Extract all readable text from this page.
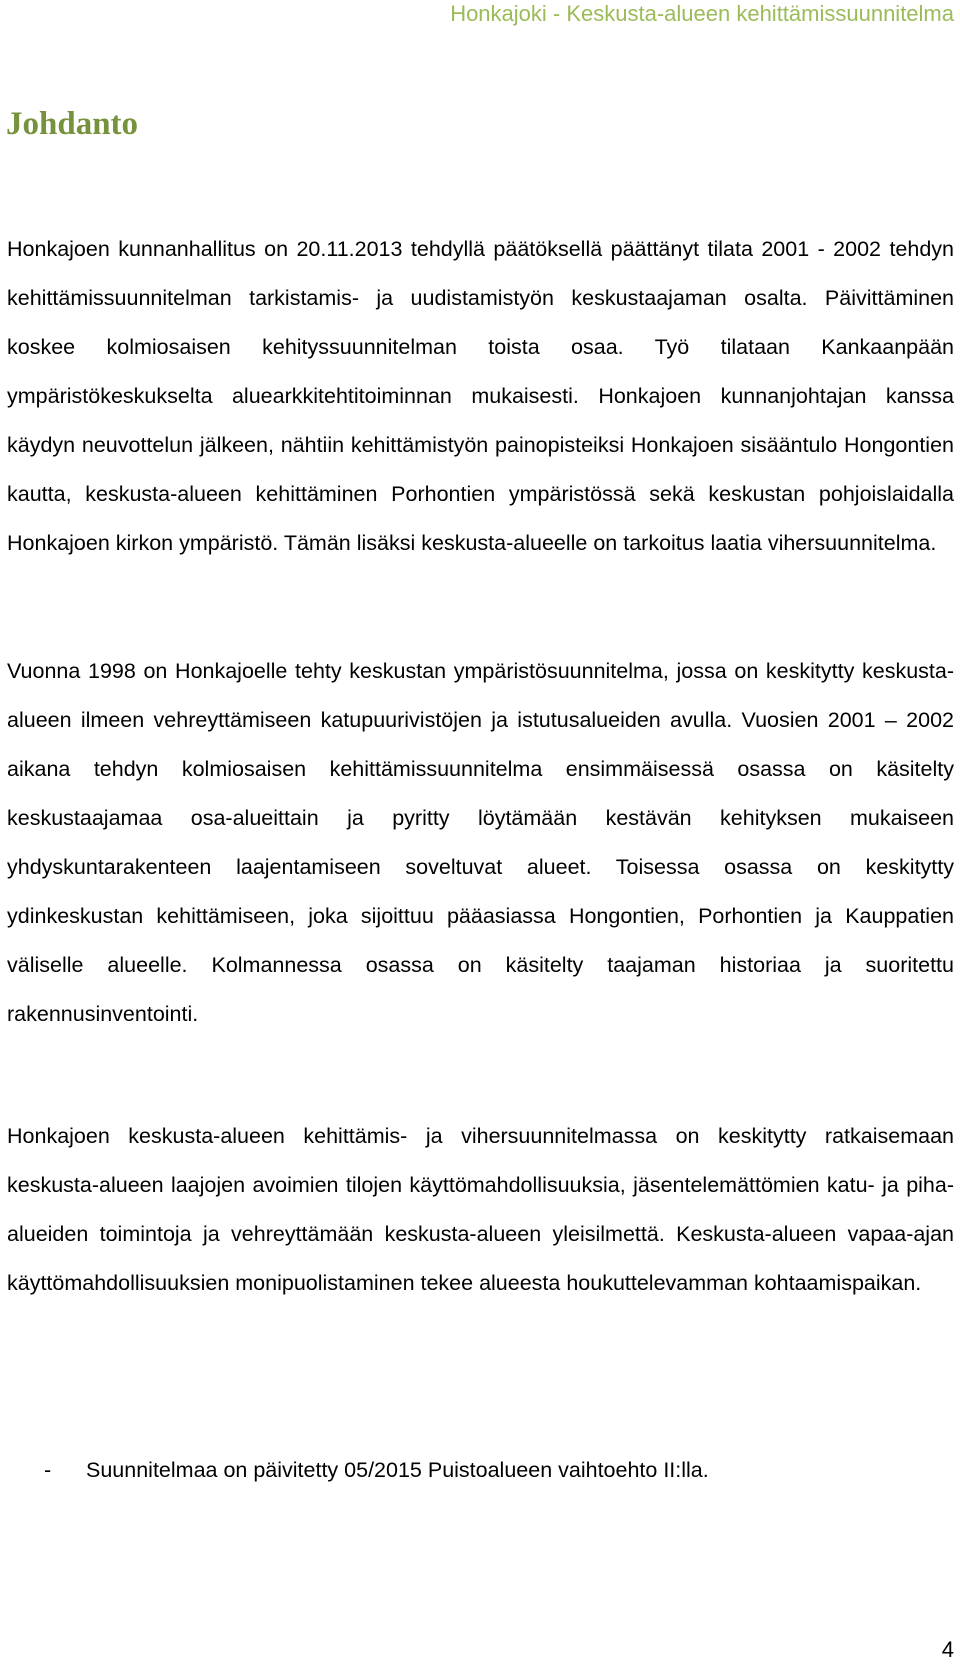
Honkajoki - Keskusta-alueen kehittämissuunnitelma
Johdanto

Honkajoen kunnanhallitus on 20.11.2013 tehdyllä päätöksellä päättänyt tilata 2001 - 2002 tehdyn kehittämissuunnitelman tarkistamis- ja uudistamistyön keskustaajaman osalta. Päivittäminen koskee kolmiosaisen kehityssuunnitelman toista osaa. Työ tilataan Kankaanpään ympäristökeskukselta aluearkkitehtitoiminnan mukaisesti. Honkajoen kunnanjohtajan kanssa käydyn neuvottelun jälkeen, nähtiin kehittämistyön painopisteiksi Honkajoen sisääntulo Hongontien kautta, keskusta-alueen kehittäminen Porhontien ympäristössä sekä keskustan pohjoislaidalla Honkajoen kirkon ympäristö. Tämän lisäksi keskusta-alueelle on tarkoitus laatia vihersuunnitelma.

Vuonna 1998 on Honkajoelle tehty keskustan ympäristösuunnitelma, jossa on keskitytty keskusta-alueen ilmeen vehreyttämiseen katupuurivistöjen ja istutusalueiden avulla. Vuosien 2001 – 2002 aikana tehdyn kolmiosaisen kehittämissuunnitelma ensimmäisessä osassa on käsitelty keskustaajamaa osa-alueittain ja pyritty löytämään kestävän kehityksen mukaiseen yhdyskuntarakenteen laajentamiseen soveltuvat alueet. Toisessa osassa on keskitytty ydinkeskustan kehittämiseen, joka sijoittuu pääasiassa Hongontien, Porhontien ja Kauppatien väliselle alueelle. Kolmannessa osassa on käsitelty taajaman historiaa ja suoritettu rakennusinventointi.

Honkajoen keskusta-alueen kehittämis- ja vihersuunnitelmassa on keskitytty ratkaisemaan keskusta-alueen laajojen avoimien tilojen käyttömahdollisuuksia, jäsentelemättömien katu- ja piha-alueiden toimintoja ja vehreyttämään keskusta-alueen yleisilmettä. Keskusta-alueen vapaa-ajan käyttömahdollisuuksien monipuolistaminen tekee alueesta houkuttelevamman kohtaamispaikan.

- Suunnitelmaa on päivitetty 05/2015 Puistoalueen vaihtoehto II:lla.
4
